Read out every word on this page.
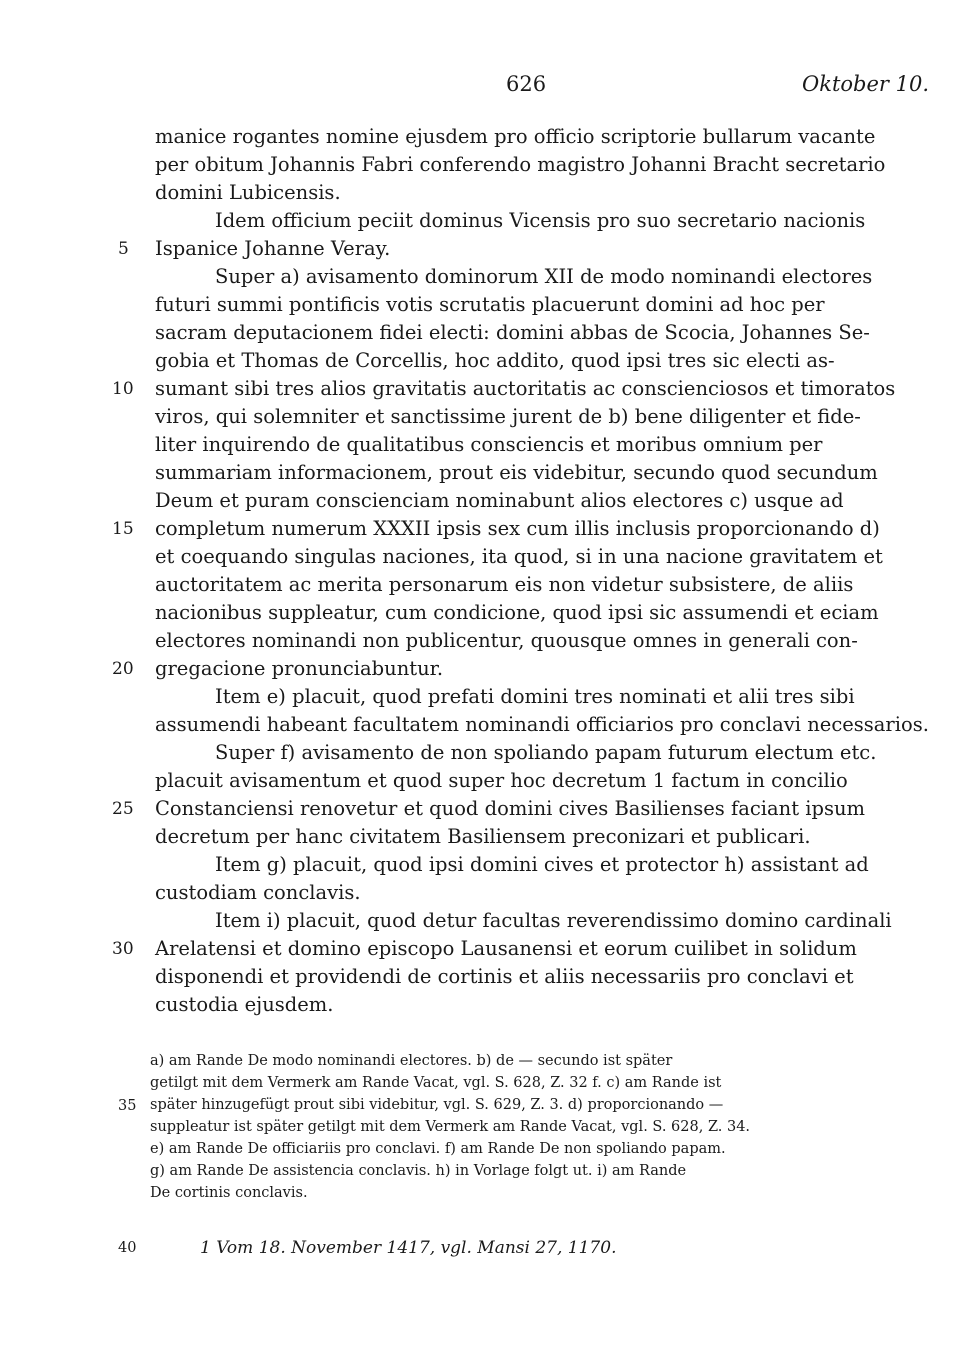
626	Oktober 10.
manice rogantes nomine ejusdem pro officio scriptorie bullarum vacante
per obitum Johannis Fabri conferendo magistro Johanni Bracht secretario
domini Lubicensis.
Idem officium peciit dominus Vicensis pro suo secretario nacionis
Ispanice Johanne Veray.
Super a) avisamento dominorum XII de modo nominandi electores
futuri summi pontificis votis scrutatis placuerunt domini ad hoc per
sacram deputacionem fidei electi: domini abbas de Scocia, Johannes Se-
gobia et Thomas de Corcellis, hoc addito, quod ipsi tres sic electi as-
sumant sibi tres alios gravitatis auctoritatis ac conscienciosos et timoratos
viros, qui solemniter et sanctissime jurent de b) bene diligenter et fide-
liter inquirendo de qualitatibus consciencis et moribus omnium per
summariam informacionem, prout eis videbitur, secundo quod secundum
Deum et puram conscienciam nominabunt alios electores c) usque ad
completum numerum XXXII ipsis sex cum illis inclusis proporcionando d)
et coequando singulas naciones, ita quod, si in una nacione gravitatem et
auctoritatem ac merita personarum eis non videtur subsistere, de aliis
nacionibus suppleatur, cum condicione, quod ipsi sic assumendi et eciam
electores nominandi non publicentur, quousque omnes in generali con-
gregacione pronunciabuntur.
Item e) placuit, quod prefati domini tres nominati et alii tres sibi
assumendi habeant facultatem nominandi officiarios pro conclavi necessarios.
Super f) avisamento de non spoliando papam futurum electum etc.
placuit avisamentum et quod super hoc decretum 1 factum in concilio
Constanciensi renovetur et quod domini cives Basilienses faciant ipsum
decretum per hanc civitatem Basiliensem preconizari et publicari.
Item g) placuit, quod ipsi domini cives et protector h) assistant ad
custodiam conclavis.
Item i) placuit, quod detur facultas reverendissimo domino cardinali
Arelatensi et domino episcopo Lausanensi et eorum cuilibet in solidum
disponendi et providendi de cortinis et aliis necessariis pro conclavi et
custodia ejusdem.
5
10
15
20
25
30
a) am Rande De modo nominandi electores. b) de — secundo ist später
getilgt mit dem Vermerk am Rande Vacat, vgl. S. 628, Z. 32 f. c) am Rande ist
später hinzugefügt prout sibi videbitur, vgl. S. 629, Z. 3. d) proporcionando —
suppleatur ist später getilgt mit dem Vermerk am Rande Vacat, vgl. S. 628, Z. 34.
e) am Rande De officiariis pro conclavi. f) am Rande De non spoliando papam.
g) am Rande De assistencia conclavis. h) in Vorlage folgt ut. i) am Rande
De cortinis conclavis.
35
40	1 Vom 18. November 1417, vgl. Mansi 27, 1170.
